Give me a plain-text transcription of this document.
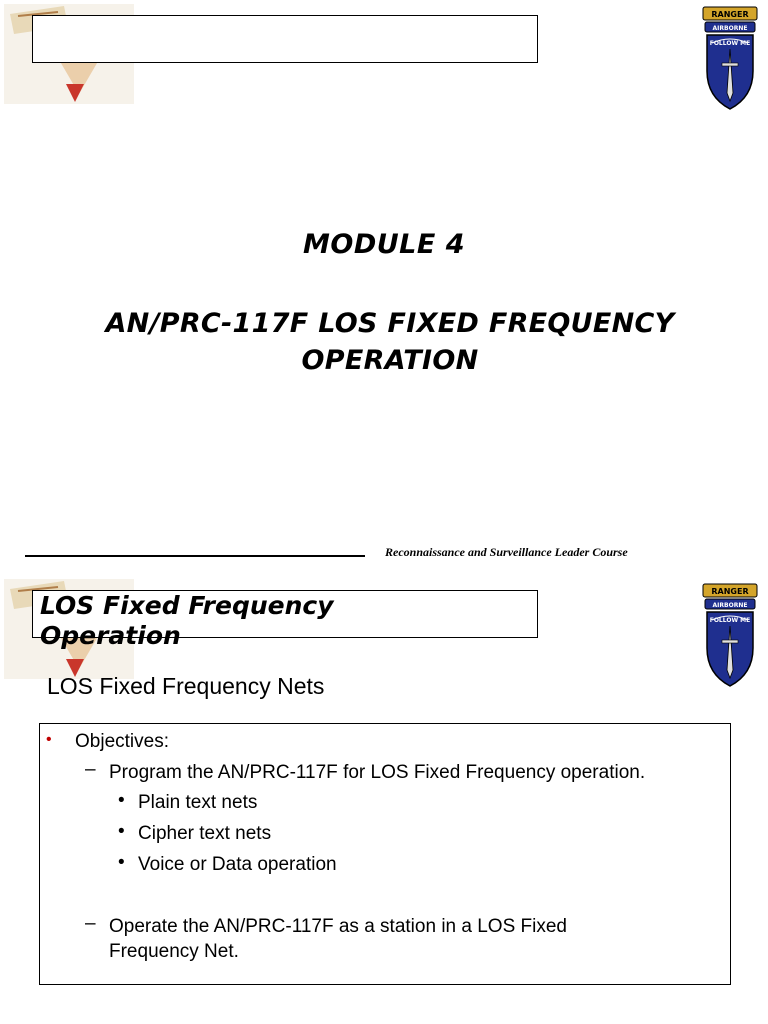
RANGER
AIRBORNE
FOLLOW ME
MODULE 4
AN/PRC-117F LOS FIXED FREQUENCY
OPERATION
Reconnaissance and Surveillance Leader Course
LOS Fixed Frequency
Operation
RANGER
AIRBORNE
FOLLOW ME
LOS Fixed Frequency Nets
• Objectives:
– Program the AN/PRC-117F for LOS Fixed Frequency operation.
• Plain text nets
• Cipher text nets
• Voice or Data operation
– Operate the AN/PRC-117F as a station in a LOS Fixed
Frequency Net.
